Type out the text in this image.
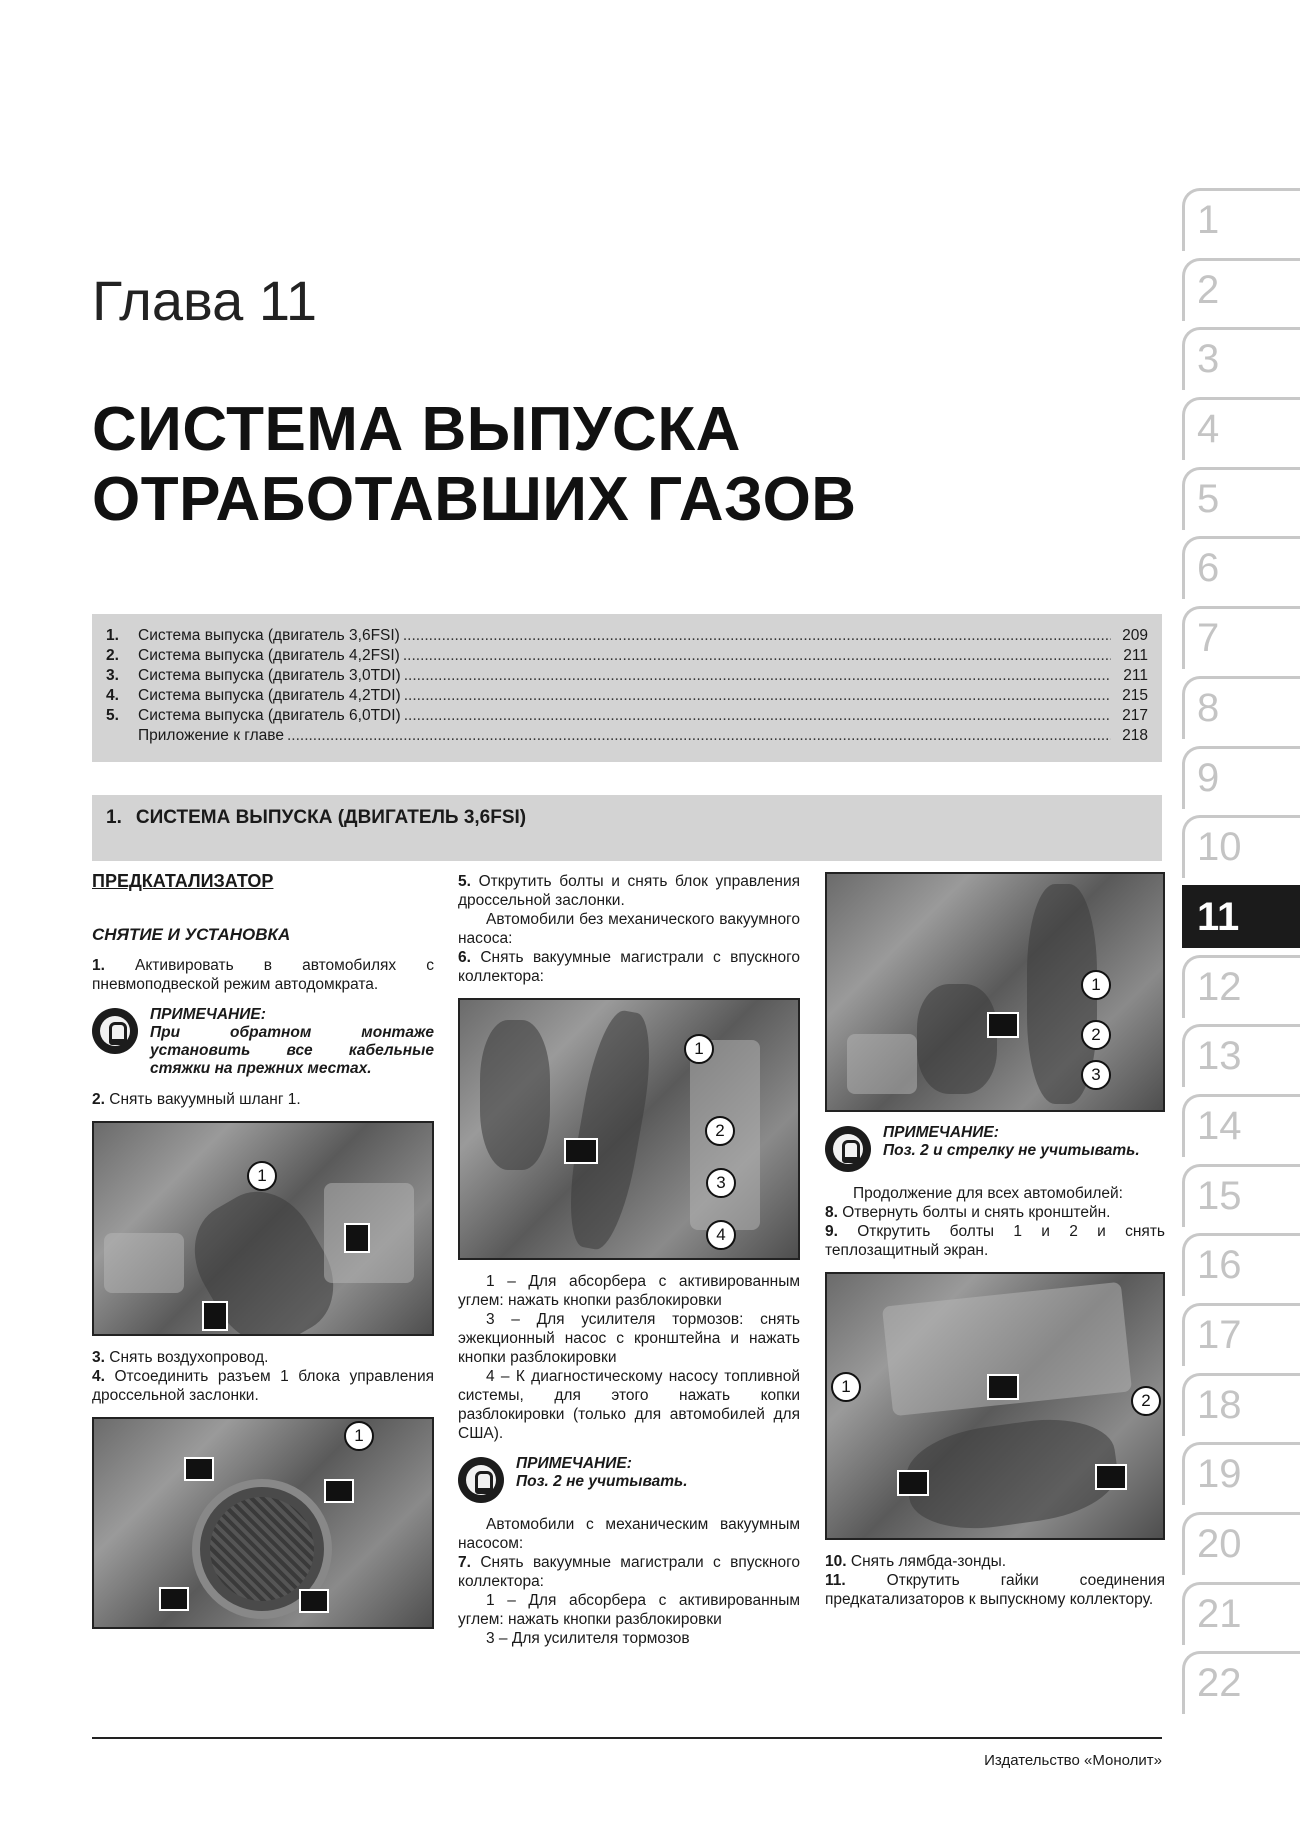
Глава 11
СИСТЕМА ВЫПУСКА
ОТРАБОТАВШИХ ГАЗОВ
1
2
3
4
5
6
7
8
9
10
11
12
13
14
15
16
17
18
19
20
21
22
1.	Система выпуска (двигатель 3,6FSI) .....	209
2.	Система выпуска (двигатель 4,2FSI) .....	211
3.	Система выпуска (двигатель 3,0TDI) .....	211
4.	Система выпуска (двигатель 4,2TDI) .....	215
5.	Система выпуска (двигатель 6,0TDI) .....	217
Приложение к главе .....	218
1. СИСТЕМА ВЫПУСКА (ДВИГАТЕЛЬ 3,6FSI)
ПРЕДКАТАЛИЗАТОР
СНЯТИЕ И УСТАНОВКА

1. Активировать в автомобилях с пневмоподвеской режим автодомкрата.

ПРИМЕЧАНИЕ:
При обратном монтаже установить все кабельные стяжки на прежних местах.

2. Снять вакуумный шланг 1.

1

3. Снять воздухопровод.

4. Отсоединить разъем 1 блока управления дроссельной заслонки.

1

5. Открутить болты и снять блок управления дроссельной заслонки.

Автомобили без механического вакуумного насоса:

6. Снять вакуумные магистрали с впускного коллектора:

1
2
3
4

1 – Для абсорбера с активированным углем: нажать кнопки разблокировки

3 – Для усилителя тормозов: снять эжекционный насос с кронштейна и нажать кнопки разблокировки

4 – К диагностическому насосу топливной системы, для этого нажать копки разблокировки (только для автомобилей для США).

ПРИМЕЧАНИЕ:
Поз. 2 не учитывать.

Автомобили с механическим вакуумным насосом:

7. Снять вакуумные магистрали с впускного коллектора:

1 – Для абсорбера с активированным углем: нажать кнопки разблокировки

3 – Для усилителя тормозов

1
2
3
ПРИМЕЧАНИЕ:
Поз. 2 и стрелку не учитывать.

Продолжение для всех автомобилей:

8. Отвернуть болты и снять кронштейн.

9. Открутить болты 1 и 2 и снять теплозащитный экран.

1
2

10. Снять лямбда-зонды.

11.	Открутить гайки соединения предкатализаторов к выпускному коллектору.

Издательство «Монолит»
